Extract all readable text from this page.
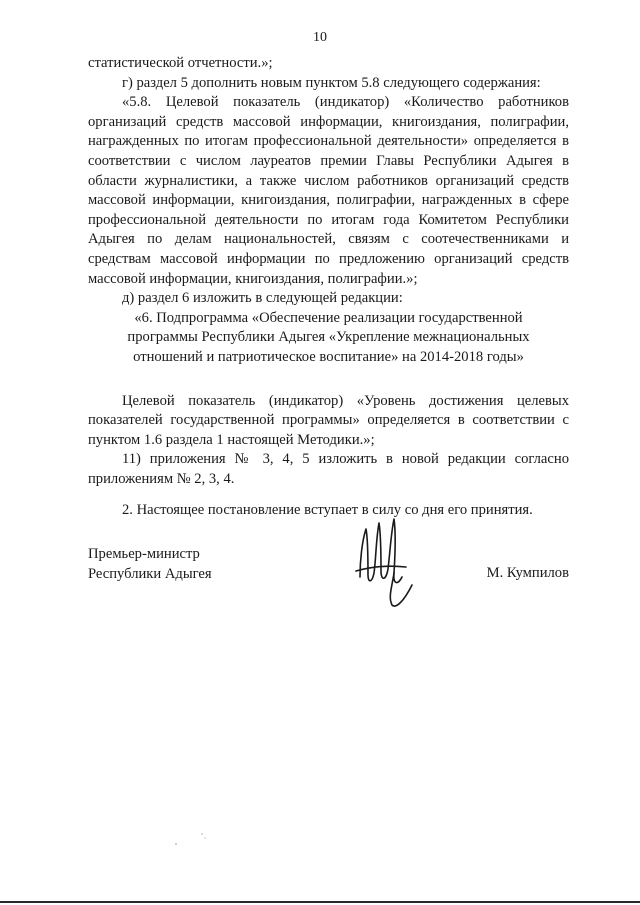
10

статистической отчетности.»;

г) раздел 5 дополнить новым пунктом 5.8 следующего содержания:

«5.8. Целевой показатель (индикатор) «Количество работников организаций средств массовой информации, книгоиздания, полиграфии, награжденных по итогам профессиональной деятельности» определяется в соответствии с числом лауреатов премии Главы Республики Адыгея в области журналистики, а также числом работников организаций средств массовой информации, книгоиздания, полиграфии, награжденных в сфере профессиональной деятельности по итогам года Комитетом Республики Адыгея по делам национальностей, связям с соотечественниками и средствам массовой информации по предложению организаций средств массовой информации, книгоиздания, полиграфии.»;

д) раздел 6 изложить в следующей редакции:

«6. Подпрограмма «Обеспечение реализации государственной программы Республики Адыгея «Укрепление межнациональных отношений и патриотическое воспитание» на 2014-2018 годы»

Целевой показатель (индикатор) «Уровень достижения целевых показателей государственной программы» определяется в соответствии с пунктом 1.6 раздела 1 настоящей Методики.»;

11) приложения № 3, 4, 5 изложить в новой редакции согласно приложениям № 2, 3, 4.

2. Настоящее постановление вступает в силу со дня его принятия.

Премьер-министр
Республики Адыгея	М. Кумпилов
